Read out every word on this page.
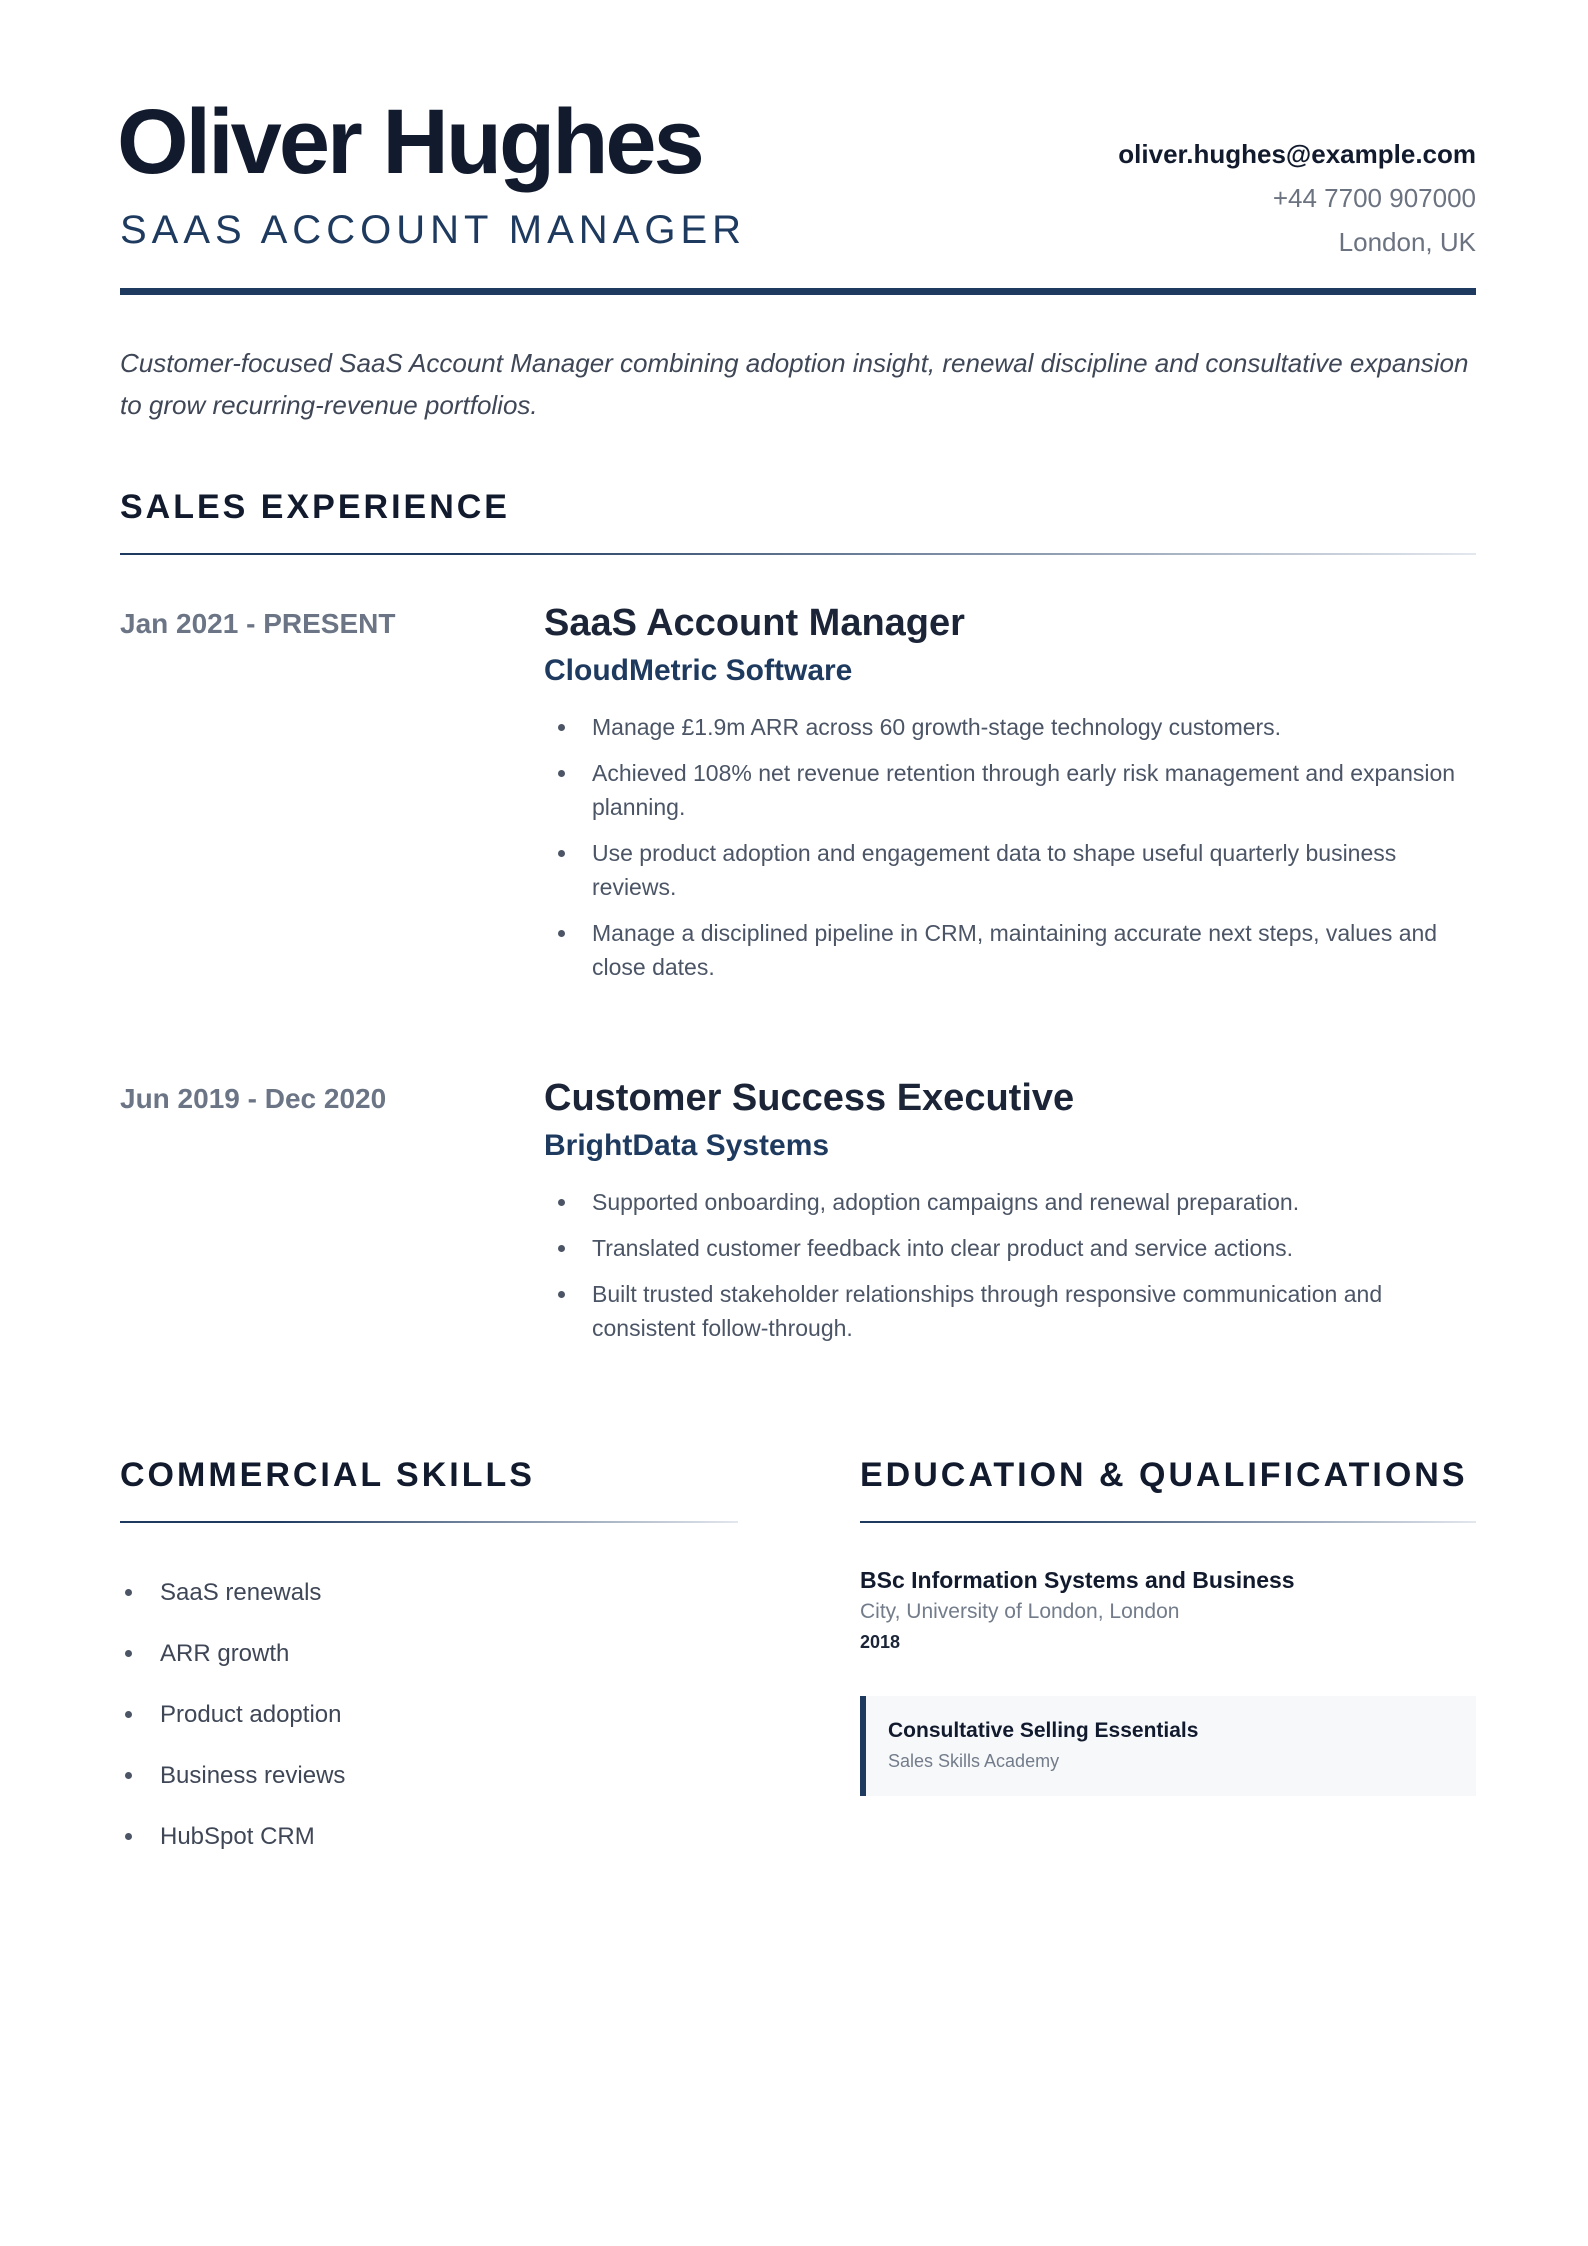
Oliver Hughes
SAAS ACCOUNT MANAGER
oliver.hughes@example.com
+44 7700 907000
London, UK

Customer-focused SaaS Account Manager combining adoption insight, renewal discipline and consultative expansion to grow recurring-revenue portfolios.

SALES EXPERIENCE
Jan 2021 - PRESENT	SaaS Account Manager
CloudMetric Software
Manage £1.9m ARR across 60 growth-stage technology customers.
Achieved 108% net revenue retention through early risk management and expansion planning.
Use product adoption and engagement data to shape useful quarterly business reviews.
Manage a disciplined pipeline in CRM, maintaining accurate next steps, values and close dates.
Jun 2019 - Dec 2020	Customer Success Executive
BrightData Systems
Supported onboarding, adoption campaigns and renewal preparation.
Translated customer feedback into clear product and service actions.
Built trusted stakeholder relationships through responsive communication and consistent follow-through.
COMMERCIAL SKILLS
SaaS renewals
ARR growth
Product adoption
Business reviews
HubSpot CRM
EDUCATION & QUALIFICATIONS
BSc Information Systems and Business
City, University of London, London
2018
Consultative Selling Essentials
Sales Skills Academy
